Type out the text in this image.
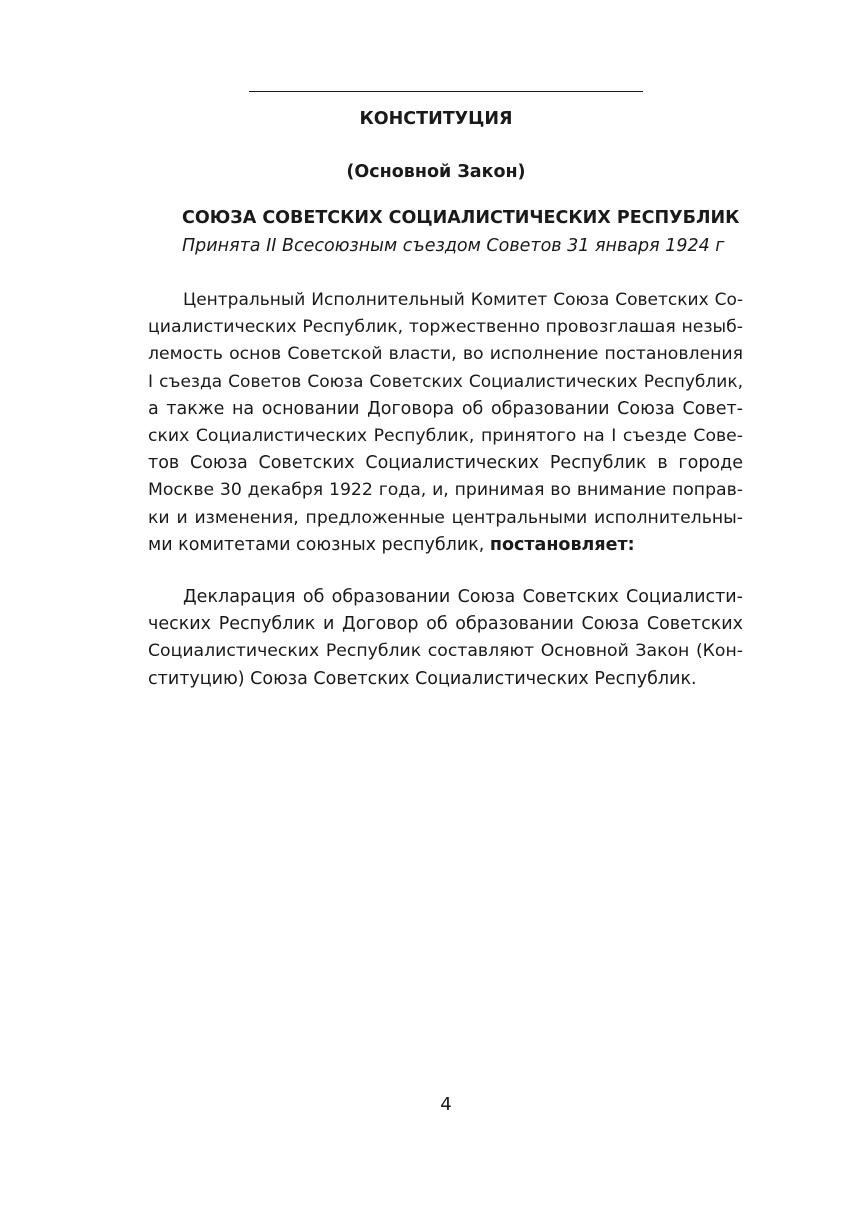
КОНСТИТУЦИЯ
(Основной Закон)
СОЮЗА СОВЕТСКИХ СОЦИАЛИСТИЧЕСКИХ РЕСПУБЛИК
Принята II Всесоюзным съездом Советов 31 января 1924 г
Центральный Исполнительный Комитет Союза Советских Со-
циалистических Республик, торжественно провозглашая незыб-
лемость основ Советской власти, во исполнение постановления
I съезда Советов Союза Советских Социалистических Республик,
а также на основании Договора об образовании Союза Совет-
ских Социалистических Республик, принятого на I съезде Сове-
тов Союза Советских Социалистических Республик в городе
Москве 30 декабря 1922 года, и, принимая во внимание поправ-
ки и изменения, предложенные центральными исполнительны-
ми комитетами союзных республик, постановляет:
Декларация об образовании Союза Советских Социалисти-
ческих Республик и Договор об образовании Союза Советских
Социалистических Республик составляют Основной Закон (Кон-
ституцию) Союза Советских Социалистических Республик.
4
